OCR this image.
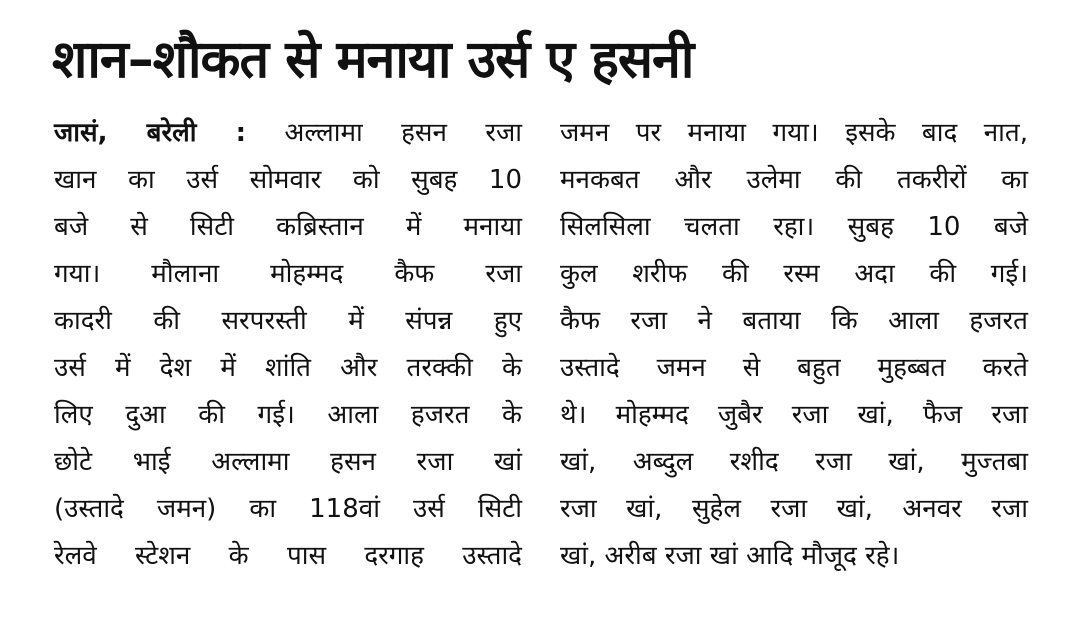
शान–शौकत से मनाया उर्स ए हसनी
जासं, बरेली : अल्लामा हसन रजा
खान का उर्स सोमवार को सुबह 10
बजे से सिटी कब्रिस्तान में मनाया
गया। मौलाना मोहम्मद कैफ रजा
कादरी की सरपरस्ती में संपन्न हुए
उर्स में देश में शांति और तरक्की के
लिए दुआ की गई। आला हजरत के
छोटे भाई अल्लामा हसन रजा खां
(उस्तादे जमन) का 118वां उर्स सिटी
रेलवे स्टेशन के पास दरगाह उस्तादे
जमन पर मनाया गया। इसके बाद नात,
मनकबत और उलेमा की तकरीरों का
सिलसिला चलता रहा। सुबह 10 बजे
कुल शरीफ की रस्म अदा की गई।
कैफ रजा ने बताया कि आला हजरत
उस्तादे जमन से बहुत मुहब्बत करते
थे। मोहम्मद जुबैर रजा खां, फैज रजा
खां, अब्दुल रशीद रजा खां, मुज्तबा
रजा खां, सुहेल रजा खां, अनवर रजा
खां, अरीब रजा खां आदि मौजूद रहे।
